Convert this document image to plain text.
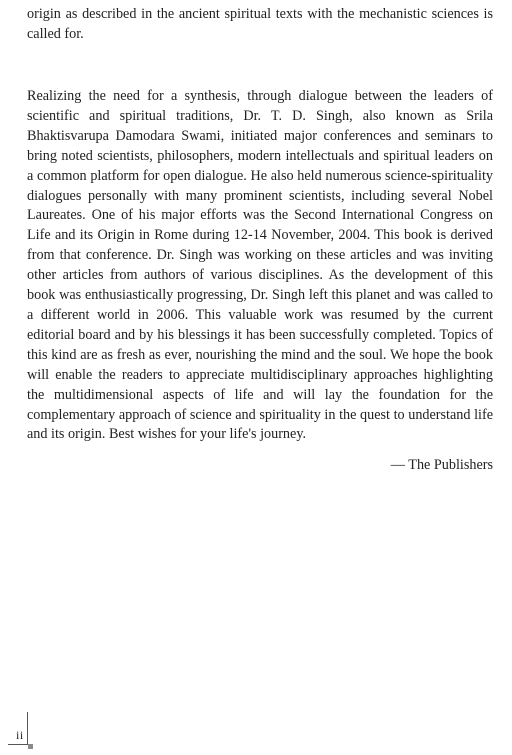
origin as described in the ancient spiritual texts with the mechanistic sciences is called for.

Realizing the need for a synthesis, through dialogue between the leaders of scientific and spiritual traditions, Dr. T. D. Singh, also known as Srila Bhaktisvarupa Damodara Swami, initiated major conferences and seminars to bring noted scientists, philosophers, modern intellectuals and spiritual leaders on a common platform for open dialogue. He also held numerous science-spirituality dialogues personally with many prominent scientists, including several Nobel Laureates. One of his major efforts was the Second International Congress on Life and its Origin in Rome during 12-14 November, 2004. This book is derived from that conference. Dr. Singh was working on these articles and was inviting other articles from authors of various disciplines. As the development of this book was enthusiastically progressing, Dr. Singh left this planet and was called to a different world in 2006. This valuable work was resumed by the current editorial board and by his blessings it has been successfully completed. Topics of this kind are as fresh as ever, nourishing the mind and the soul. We hope the book will enable the readers to appreciate multidisciplinary approaches highlighting the multidimensional aspects of life and will lay the foundation for the complementary approach of science and spirituality in the quest to understand life and its origin. Best wishes for your life's journey.

— The Publishers

ii
